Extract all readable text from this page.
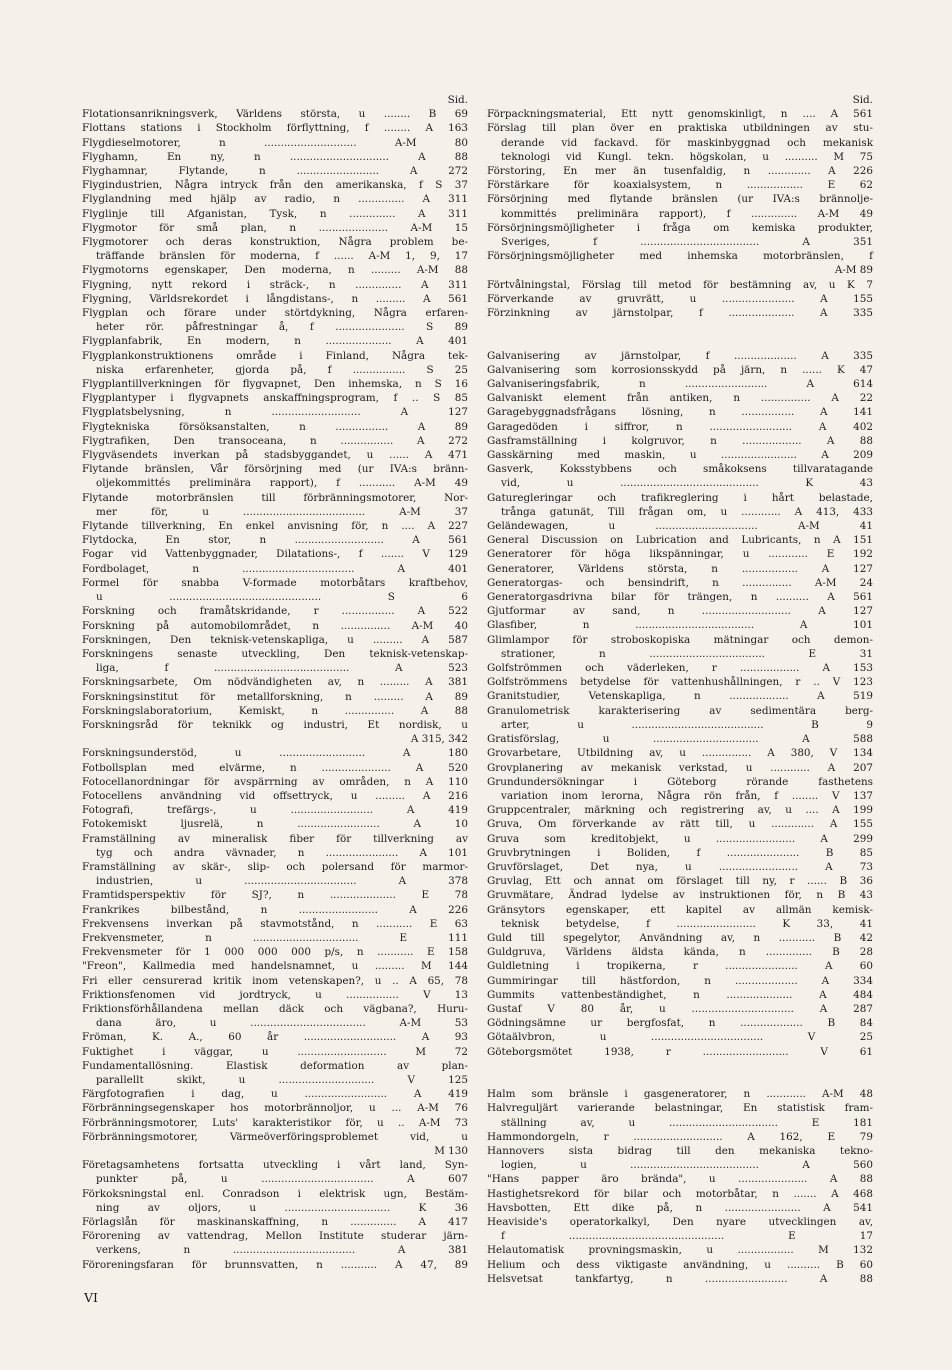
Sid.
Flotationsanrikningsverk, Världens största, u ........ B 69
Flottans stations i Stockholm förflyttning, f ........ A 163
Flygdieselmotorer, n ............................ A-M 80
Flyghamn, En ny, n .............................. A 88
Flyghamnar, Flytande, n ......................... A 272
Flygindustrien, Några intryck från den amerikanska, f S 37
Flyglandning med hjälp av radio, n .............. A 311
Flyglinje till Afganistan, Tysk, n .............. A 311
Flygmotor för små plan, n ..................... A-M 15
Flygmotorer och deras konstruktion, Några problem be-
träffande bränslen för moderna, f ...... A-M 1, 9, 17
Flygmotorns egenskaper, Den moderna, n ......... A-M 88
Flygning, nytt rekord i sträck-, n .............. A 311
Flygning, Världsrekordet i långdistans-, n ......... A 561
Flygplan och förare under störtdykning, Några erfaren-
heter rör. påfrestningar å, f ..................... S 89
Flygplanfabrik, En modern, n .................... A 401
Flygplankonstruktionens område i Finland, Några tek-
niska erfarenheter, gjorda på, f ................ S 25
Flygplantillverkningen för flygvapnet, Den inhemska, n S 16
Flygplantyper i flygvapnets anskaffningsprogram, f .. S 85
Flygplatsbelysning, n ........................... A 127
Flygtekniska försöksanstalten, n ................ A 89
Flygtrafiken, Den transoceana, n ................ A 272
Flygväsendets inverkan på stadsbyggandet, u ...... A 471
Flytande bränslen, Vår försörjning med (ur IVA:s bränn-
oljekommittés preliminära rapport), f ........... A-M 49
Flytande motorbränslen till förbränningsmotorer, Nor-
mer för, u ..................................... A-M 37
Flytande tillverkning, En enkel anvisning för, n .... A 227
Flytdocka, En stor, n ........................... A 561
Fogar vid Vattenbyggnader, Dilatations-, f ....... V 129
Fordbolaget, n .................................. A 401
Formel för snabba V-formade motorbåtars kraftbehov,
u .............................................. S 6
Forskning och framåtskridande, r ................ A 522
Forskning på automobilområdet, n ............... A-M 40
Forskningen, Den teknisk-vetenskapliga, u ......... A 587
Forskningens senaste utveckling, Den teknisk-vetenskap-
liga, f ......................................... A 523
Forskningsarbete, Om nödvändigheten av, n ......... A 381
Forskningsinstitut för metallforskning, n ......... A 89
Forskningslaboratorium, Kemiskt, n ............... A 88
Forskningsråd för teknikk og industri, Et nordisk, u
A 315, 342
Forskningsunderstöd, u .......................... A 180
Fotbollsplan med elvärme, n ..................... A 520
Fotocellanordningar för avspärrning av områden, n A 110
Fotocellens användning vid offsettryck, u ......... A 216
Fotografi, trefärgs-, u ......................... A 419
Fotokemiskt ljusrelä, n ......................... A 10
Framställning av mineralisk fiber för tillverkning av
tyg och andra vävnader, n ...................... A 101
Framställning av skär-, slip- och polersand för marmor-
industrien, u .................................. A 378
Framtidsperspektiv för SJ?, n .................... E 78
Frankrikes bilbestånd, n ........................ A 226
Frekvensens inverkan på stavmotstånd, n ........... E 63
Frekvensmeter, n ................................ E 111
Frekvensmeter för 1 000 000 000 p/s, n ........... E 158
"Freon", Kallmedia med handelsnamnet, u ......... M 144
Fri eller censurerad kritik inom vetenskapen?, u .. A 65, 78
Friktionsfenomen vid jordtryck, u ................ V 13
Friktionsförhållandena mellan däck och vägbana?, Huru-
dana äro, u ................................... A-M 53
Fröman, K. A., 60 år ............................ A 93
Fuktighet i väggar, u ........................... M 72
Fundamentallösning. Elastisk deformation av plan-
parallellt skikt, u ............................. V 125
Färgfotografien i dag, u ......................... A 419
Förbränningsegenskaper hos motorbrännoljor, u ... A-M 76
Förbränningsmotorer, Luts' karakteristikor för, u .. A-M 73
Förbränningsmotorer, Värmeöverföringsproblemet vid, u
M 130
Företagsamhetens fortsatta utveckling i vårt land, Syn-
punkter på, u .................................. A 607
Förkoksningstal enl. Conradson i elektrisk ugn, Bestäm-
ning av oljors, u ................................ K 36
Förlagslån för maskinanskaffning, n .............. A 417
Förorening av vattendrag, Mellon Institute studerar järn-
verkens, n ..................................... A 381
Föroreningsfaran för brunnsvatten, n ........... A 47, 89
Sid.
Förpackningsmaterial, Ett nytt genomskinligt, n .... A 561
Förslag till plan över en praktiska utbildningen av stu-
derande vid fackavd. för maskinbyggnad och mekanisk
teknologi vid Kungl. tekn. högskolan, u .......... M 75
Förstoring, En mer än tusenfaldig, n ............. A 226
Förstärkare för koaxialsystem, n ................. E 62
Försörjning med flytande bränslen (ur IVA:s brännolje-
kommittés preliminära rapport), f .............. A-M 49
Försörjningsmöjligheter i fråga om kemiska produkter,
Sveriges, f .................................... A 351
Försörjningsmöjligheter med inhemska motorbränslen, f
A-M 89
Förtvålningstal, Förslag till metod för bestämning av, u K 7
Förverkande av gruvrätt, u ...................... A 155
Förzinkning av järnstolpar, f .................... A 335
Galvanisering av järnstolpar, f ................... A 335
Galvanisering som korrosionsskydd på järn, n ...... K 47
Galvaniseringsfabrik, n ......................... A 614
Galvaniskt element från antiken, n ............... A 22
Garagebyggnadsfrågans lösning, n ................ A 141
Garagedöden i siffror, n ......................... A 402
Gasframställning i kolgruvor, n .................. A 88
Gasskärning med maskin, u ....................... A 209
Gasverk, Koksstybbens och småkoksens tillvaratagande
vid, u .......................................... K 43
Gaturegleringar och trafikreglering i hårt belastade,
trånga gatunät, Till frågan om, u ............ A 413, 433
Geländewagen, u ............................... A-M 41
General Discussion on Lubrication and Lubricants, n A 151
Generatorer för höga likspänningar, u ............ E 192
Generatorer, Världens största, n ................. A 127
Generatorgas- och bensindrift, n ............... A-M 24
Generatorgasdrivna bilar för trängen, n .......... A 561
Gjutformar av sand, n ........................... A 127
Glasfiber, n .................................... A 101
Glimlampor för stroboskopiska mätningar och demon-
strationer, n ................................... E 31
Golfströmmen och väderleken, r .................. A 153
Golfströmmens betydelse för vattenhushållningen, r .. V 123
Granitstudier, Vetenskapliga, n .................. A 519
Granulometrisk karakterisering av sedimentära berg-
arter, u ........................................ B 9
Gratisförslag, u ................................ A 588
Grovarbetare, Utbildning av, u ............... A 380, V 134
Grovplanering av mekanisk verkstad, u ............ A 207
Grundundersökningar i Göteborg rörande fasthetens
variation inom lerorna, Några rön från, f ........ V 137
Gruppcentraler, märkning och registrering av, u .... A 199
Gruva, Om förverkande av rätt till, u ............. A 155
Gruva som kreditobjekt, u ........................ A 299
Gruvbrytningen i Boliden, f ...................... B 85
Gruvförslaget, Det nya, u ........................ A 73
Gruvlag, Ett och annat om förslaget till ny, r ...... B 36
Gruvmätare, Ändrad lydelse av instruktionen för, n B 43
Gränsytors egenskaper, ett kapitel av allmän kemisk-
teknisk betydelse, f ........................ K 33, 41
Guld till spegelytor, Användning av, n ........... B 42
Guldgruva, Världens äldsta kända, n .............. B 28
Guldletning i tropikerna, r ...................... A 60
Gummiringar till hästfordon, n ................... A 334
Gummits vattenbeständighet, n .................... A 484
Gustaf V 80 år, u ............................... A 287
Gödningsämne ur bergfosfat, n ................... B 84
Götaälvbron, u .................................. V 25
Göteborgsmötet 1938, r .......................... V 61
Halm som bränsle i gasgeneratorer, n ............ A-M 48
Halvreguljärt varierande belastningar, En statistisk fram-
ställning av, u ................................. E 181
Hammondorgeln, r ........................... A 162, E 79
Hannovers sista bidrag till den mekaniska tekno-
logien, u ....................................... A 560
"Hans papper äro brända", u ..................... A 88
Hastighetsrekord för bilar och motorbåtar, n ....... A 468
Havsbotten, Ett dike på, n ....................... A 541
Heaviside's operatorkalkyl, Den nyare utvecklingen av,
f ............................................... E 17
Helautomatisk provningsmaskin, u ................. M 132
Helium och dess viktigaste användning, u .......... B 60
Helsvetsat tankfartyg, n ......................... A 88
VI
